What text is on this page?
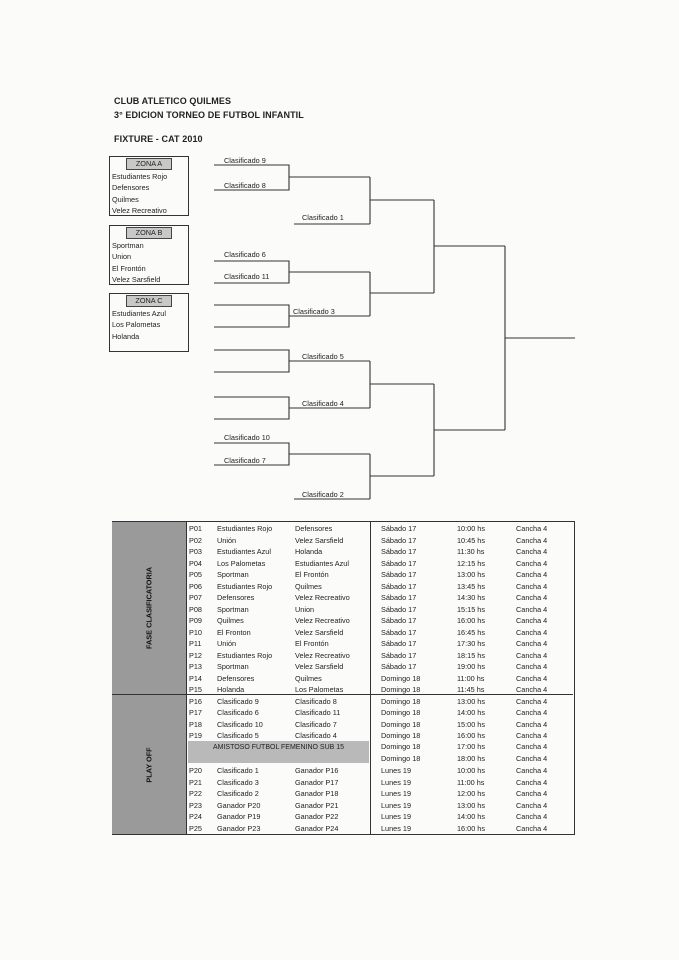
CLUB ATLETICO QUILMES
3° EDICION TORNEO DE FUTBOL INFANTIL
FIXTURE - CAT 2010
ZONA A
Estudiantes Rojo
Defensores
Quilmes
Velez Recreativo
ZONA B
Sportman
Union
El Frontón
Velez Sarsfield
ZONA C
Estudiantes Azul
Los Palometas
Holanda
Clasificado 9
Clasificado 8
Clasificado 1
Clasificado 6
Clasificado 11
Clasificado 3
Clasificado 5
Clasificado 4
Clasificado 10
Clasificado 7
Clasificado 2
FASE CLASIFICATORIA
PLAY OFF
P01 Estudiantes Rojo	Defensores	Sábado 17	10:00 hs	Cancha 4
P02 Unión	Velez Sarsfield	Sábado 17	10:45 hs	Cancha 4
P03 Estudiantes Azul	Holanda	Sábado 17	11:30 hs	Cancha 4
P04 Los Palometas	Estudiantes Azul	Sábado 17	12:15 hs	Cancha 4
P05 Sportman	El Frontón	Sábado 17	13:00 hs	Cancha 4
P06 Estudiantes Rojo	Quilmes	Sábado 17	13:45 hs	Cancha 4
P07 Defensores	Velez Recreativo	Sábado 17	14:30 hs	Cancha 4
P08 Sportman	Union	Sábado 17	15:15 hs	Cancha 4
P09 Quilmes	Velez Recreativo	Sábado 17	16:00 hs	Cancha 4
P10 El Fronton	Velez Sarsfield	Sábado 17	16:45 hs	Cancha 4
P11 Unión	El Frontón	Sábado 17	17:30 hs	Cancha 4
P12 Estudiantes Rojo	Velez Recreativo	Sábado 17	18:15 hs	Cancha 4
P13 Sportman	Velez Sarsfield	Sábado 17	19:00 hs	Cancha 4
P14 Defensores	Quilmes	Domingo 18	11:00 hs	Cancha 4
P15 Holanda	Los Palometas	Domingo 18	11:45 hs	Cancha 4
P16 Clasificado 9	Clasificado 8	Domingo 18	13:00 hs	Cancha 4
P17 Clasificado 6	Clasificado 11	Domingo 18	14:00 hs	Cancha 4
P18 Clasificado 10	Clasificado 7	Domingo 18	15:00 hs	Cancha 4
P19 Clasificado 5	Clasificado 4	Domingo 18	16:00 hs	Cancha 4
P20 Clasificado 1	Ganador P16	Lunes 19	10:00 hs	Cancha 4
P21 Clasificado 3	Ganador P17	Lunes 19	11:00 hs	Cancha 4
P22 Clasificado 2	Ganador P18	Lunes 19	12:00 hs	Cancha 4
P23 Ganador P20	Ganador P21	Lunes 19	13:00 hs	Cancha 4
P24 Ganador P19	Ganador P22	Lunes 19	14:00 hs	Cancha 4
P25 Ganador P23	Ganador P24	Lunes 19	16:00 hs	Cancha 4
AMISTOSO FUTBOL FEMENINO SUB 15	Domingo 18	17:00 hs	Cancha 4
Domingo 18	18:00 hs	Cancha 4
